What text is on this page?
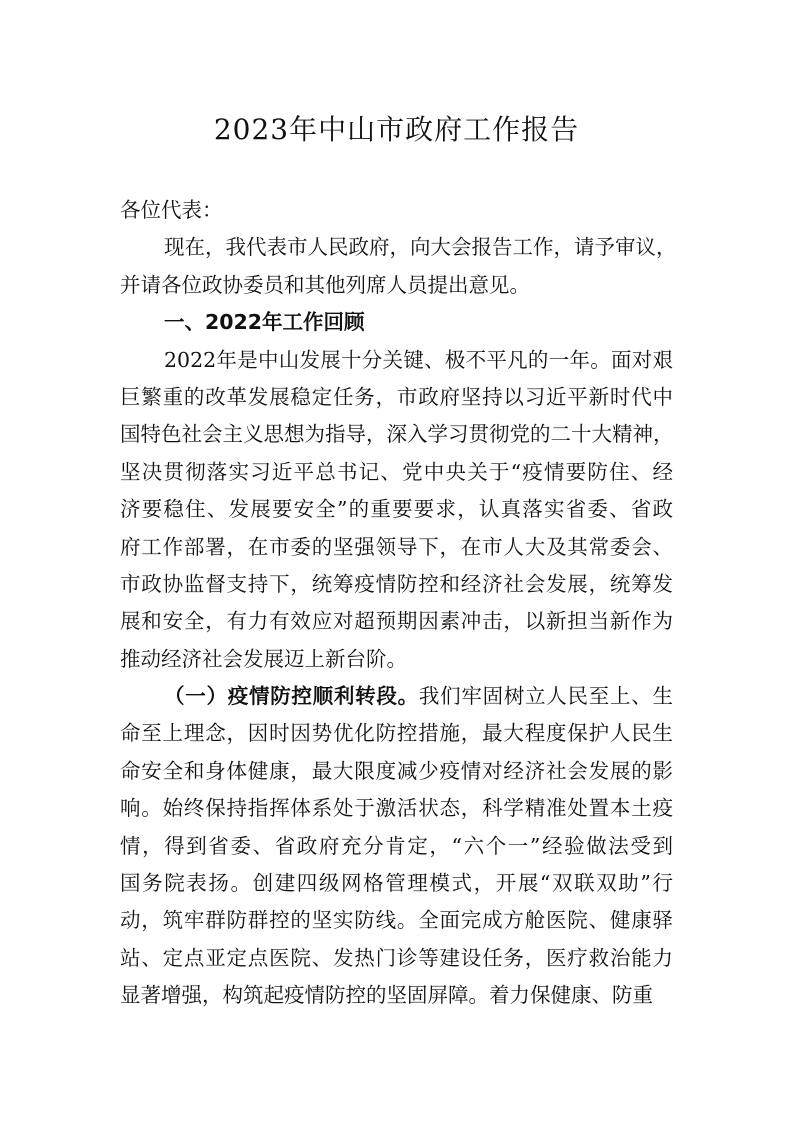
2023年中山市政府工作报告
各位代表：
现在，我代表市人民政府，向大会报告工作，请予审议，
并请各位政协委员和其他列席人员提出意见。
一、2022年工作回顾
2022年是中山发展十分关键、极不平凡的一年。面对艰
巨繁重的改革发展稳定任务，市政府坚持以习近平新时代中
国特色社会主义思想为指导，深入学习贯彻党的二十大精神，
坚决贯彻落实习近平总书记、党中央关于“疫情要防住、经
济要稳住、发展要安全”的重要要求，认真落实省委、省政
府工作部署，在市委的坚强领导下，在市人大及其常委会、
市政协监督支持下，统筹疫情防控和经济社会发展，统筹发
展和安全，有力有效应对超预期因素冲击，以新担当新作为
推动经济社会发展迈上新台阶。
（一）疫情防控顺利转段。我们牢固树立人民至上、生
命至上理念，因时因势优化防控措施，最大程度保护人民生
命安全和身体健康，最大限度减少疫情对经济社会发展的影
响。始终保持指挥体系处于激活状态，科学精准处置本土疫
情，得到省委、省政府充分肯定，“六个一”经验做法受到
国务院表扬。创建四级网格管理模式，开展“双联双助”行
动，筑牢群防群控的坚实防线。全面完成方舱医院、健康驿
站、定点亚定点医院、发热门诊等建设任务，医疗救治能力
显著增强，构筑起疫情防控的坚固屏障。着力保健康、防重
